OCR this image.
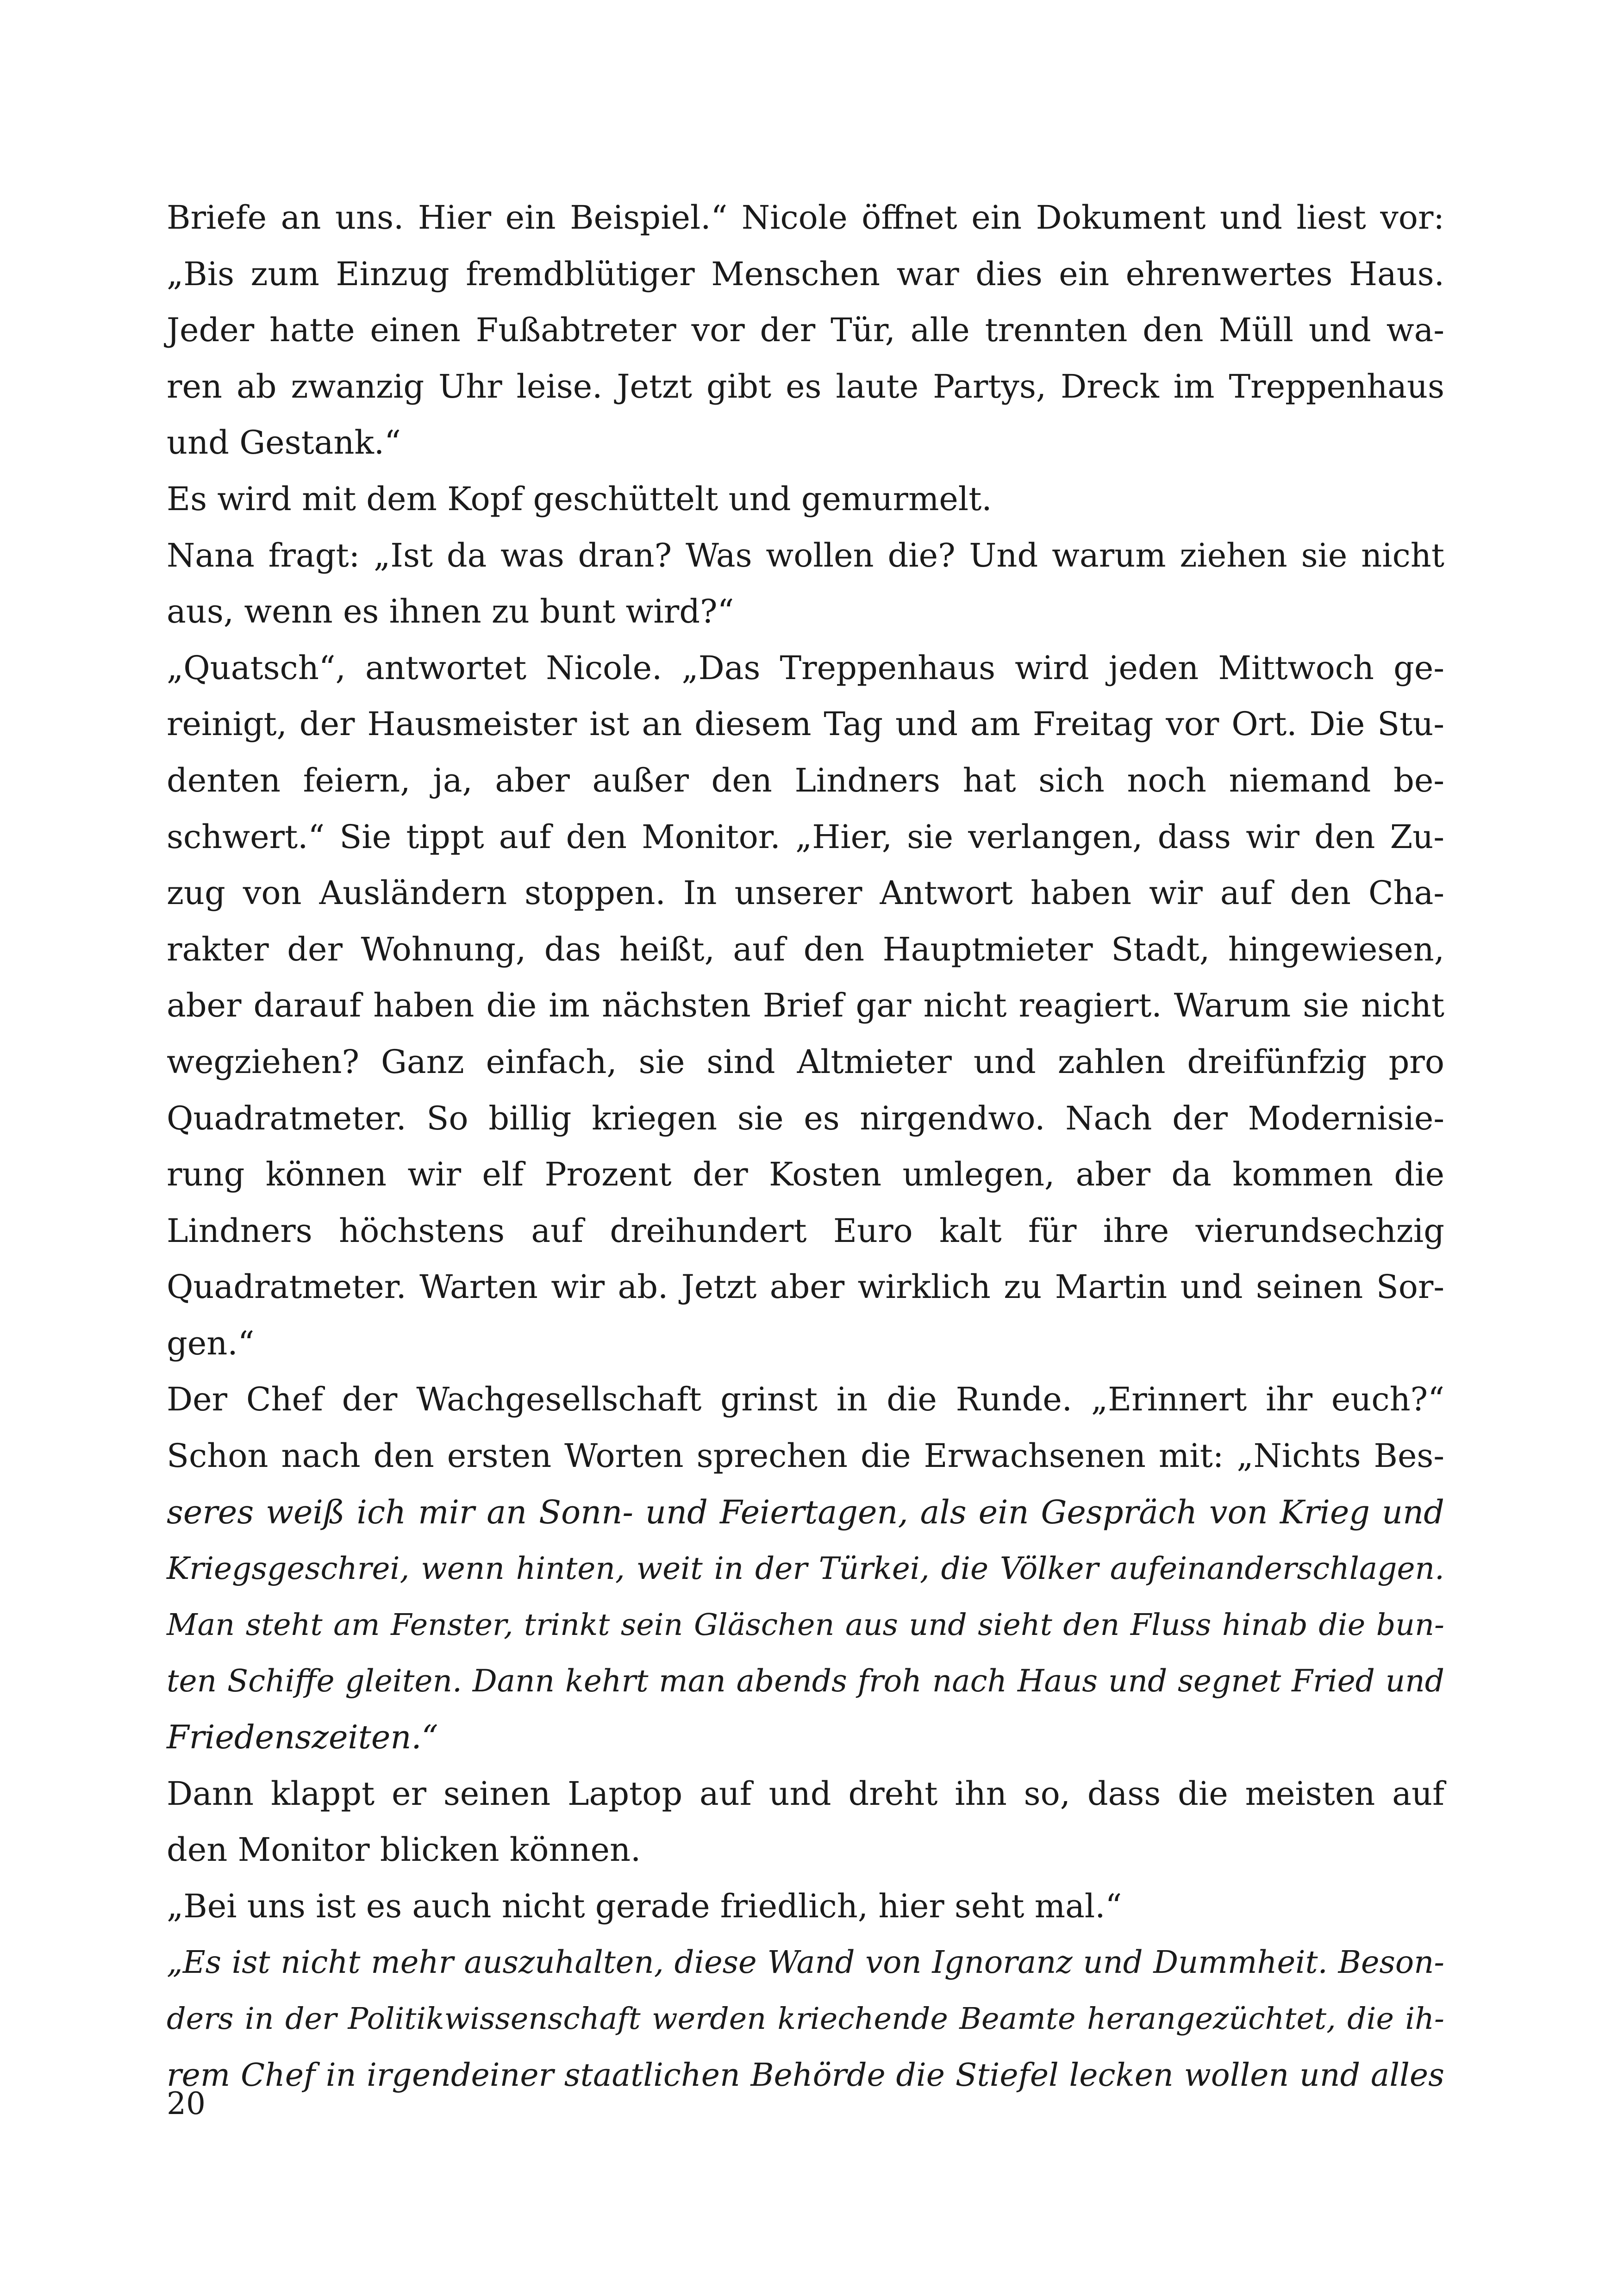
Briefe an uns. Hier ein Beispiel.“ Nicole öffnet ein Dokument und liest vor:
„Bis zum Einzug fremdblütiger Menschen war dies ein ehrenwertes Haus.
Jeder hatte einen Fußabtreter vor der Tür, alle trennten den Müll und wa-
ren ab zwanzig Uhr leise. Jetzt gibt es laute Partys, Dreck im Treppenhaus
und Gestank.“
Es wird mit dem Kopf geschüttelt und gemurmelt.
Nana fragt: „Ist da was dran? Was wollen die? Und warum ziehen sie nicht
aus, wenn es ihnen zu bunt wird?“
„Quatsch“, antwortet Nicole. „Das Treppenhaus wird jeden Mittwoch ge-
reinigt, der Hausmeister ist an diesem Tag und am Freitag vor Ort. Die Stu-
denten feiern, ja, aber außer den Lindners hat sich noch niemand be-
schwert.“ Sie tippt auf den Monitor. „Hier, sie verlangen, dass wir den Zu-
zug von Ausländern stoppen. In unserer Antwort haben wir auf den Cha-
rakter der Wohnung, das heißt, auf den Hauptmieter Stadt, hingewiesen,
aber darauf haben die im nächsten Brief gar nicht reagiert. Warum sie nicht
wegziehen? Ganz einfach, sie sind Altmieter und zahlen dreifünfzig pro
Quadratmeter. So billig kriegen sie es nirgendwo. Nach der Modernisie-
rung können wir elf Prozent der Kosten umlegen, aber da kommen die
Lindners höchstens auf dreihundert Euro kalt für ihre vierundsechzig
Quadratmeter. Warten wir ab. Jetzt aber wirklich zu Martin und seinen Sor-
gen.“
Der Chef der Wachgesellschaft grinst in die Runde. „Erinnert ihr euch?“
Schon nach den ersten Worten sprechen die Erwachsenen mit: „Nichts Bes-
seres weiß ich mir an Sonn- und Feiertagen, als ein Gespräch von Krieg und
Kriegsgeschrei, wenn hinten, weit in der Türkei, die Völker aufeinanderschlagen.
Man steht am Fenster, trinkt sein Gläschen aus und sieht den Fluss hinab die bun-
ten Schiffe gleiten. Dann kehrt man abends froh nach Haus und segnet Fried und
Friedenszeiten.“
Dann klappt er seinen Laptop auf und dreht ihn so, dass die meisten auf
den Monitor blicken können.
„Bei uns ist es auch nicht gerade friedlich, hier seht mal.“
„Es ist nicht mehr auszuhalten, diese Wand von Ignoranz und Dummheit. Beson-
ders in der Politikwissenschaft werden kriechende Beamte herangezüchtet, die ih-
rem Chef in irgendeiner staatlichen Behörde die Stiefel lecken wollen und alles
20
